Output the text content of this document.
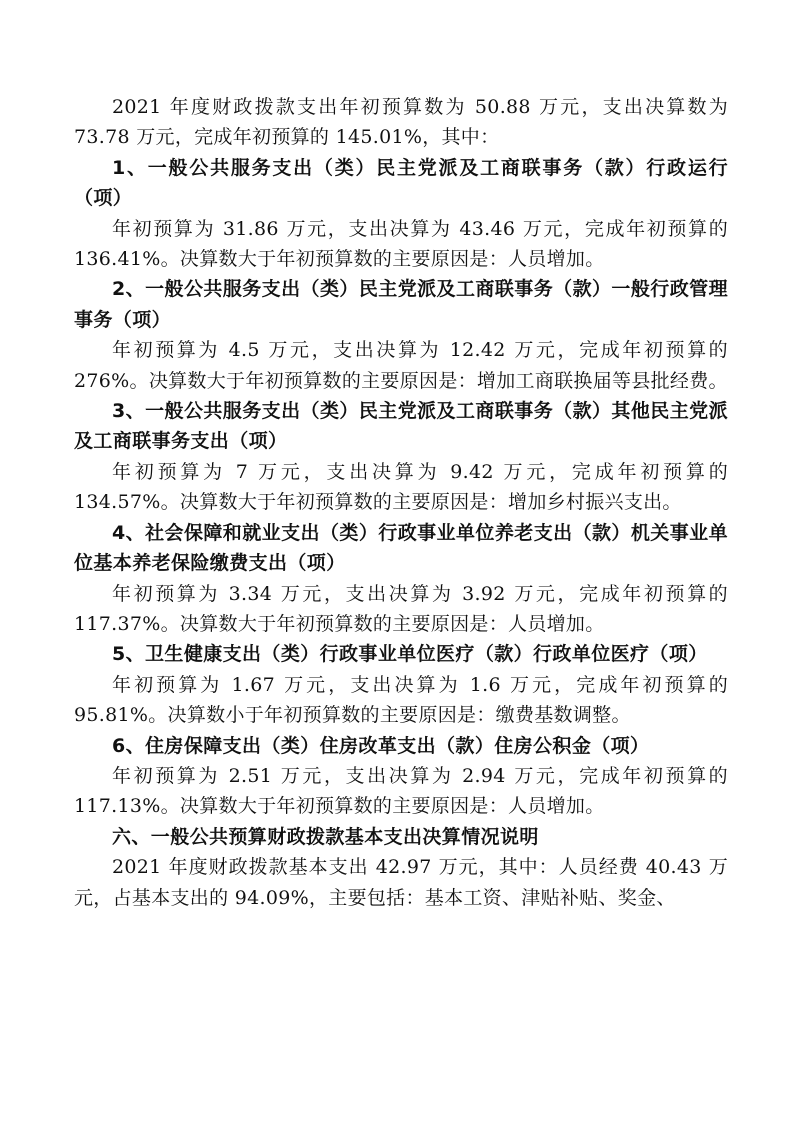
2021 年度财政拨款支出年初预算数为 50.88 万元，支出决算数为 73.78 万元，完成年初预算的 145.01%，其中：

1、一般公共服务支出（类）民主党派及工商联事务（款）行政运行（项）

年初预算为 31.86 万元，支出决算为 43.46 万元，完成年初预算的 136.41%。决算数大于年初预算数的主要原因是：人员增加。

2、一般公共服务支出（类）民主党派及工商联事务（款）一般行政管理事务（项）

年初预算为 4.5 万元，支出决算为 12.42 万元，完成年初预算的 276%。决算数大于年初预算数的主要原因是：增加工商联换届等县批经费。

3、一般公共服务支出（类）民主党派及工商联事务（款）其他民主党派及工商联事务支出（项）

年初预算为 7 万元，支出决算为 9.42 万元，完成年初预算的 134.57%。决算数大于年初预算数的主要原因是：增加乡村振兴支出。

4、社会保障和就业支出（类）行政事业单位养老支出（款）机关事业单位基本养老保险缴费支出（项）

年初预算为 3.34 万元，支出决算为 3.92 万元，完成年初预算的 117.37%。决算数大于年初预算数的主要原因是：人员增加。

5、卫生健康支出（类）行政事业单位医疗（款）行政单位医疗（项）

年初预算为 1.67 万元，支出决算为 1.6 万元，完成年初预算的 95.81%。决算数小于年初预算数的主要原因是：缴费基数调整。

6、住房保障支出（类）住房改革支出（款）住房公积金（项）

年初预算为 2.51 万元，支出决算为 2.94 万元，完成年初预算的 117.13%。决算数大于年初预算数的主要原因是：人员增加。

六、一般公共预算财政拨款基本支出决算情况说明

2021 年度财政拨款基本支出 42.97 万元，其中：人员经费 40.43 万元，占基本支出的 94.09%，主要包括：基本工资、津贴补贴、奖金、
